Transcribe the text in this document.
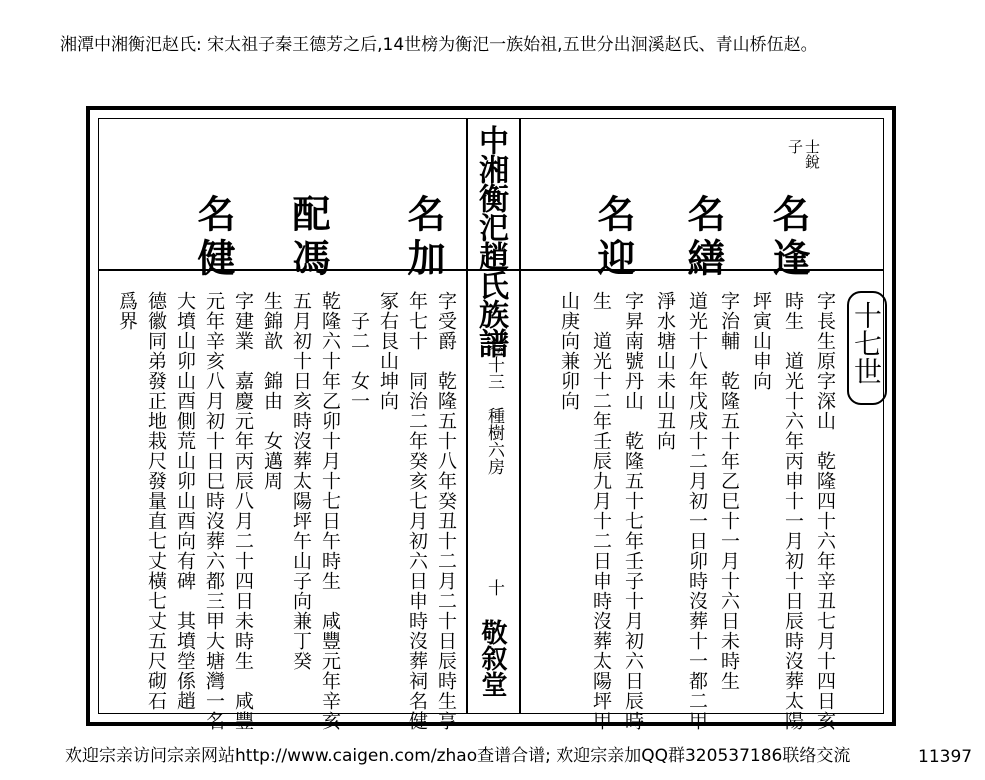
湘潭中湘衡汜赵氏: 宋太祖子秦王德芳之后,14世榜为衡汜一族始祖,五世分出洄溪赵氏、青山桥伍赵。
中湘衡汜趙氏族譜
卷十三　種樹六房
十
敬叙堂
子 士銳
名逢
名繕
名迎
十七世
字長生原字深山　乾隆四十六年辛丑七月十四日亥
時生　道光十六年丙申十一月初十日辰時沒葬太陽
坪寅山申向
字治輔　乾隆五十年乙巳十一月十六日未時生
道光十八年戊戌十二月初一日卯時沒葬十一都二甲
淨水塘山未山丑向
字昇南號丹山　乾隆五十七年壬子十月初六日辰時
生　道光十二年壬辰九月十二日申時沒葬太陽坪甲
山庚向兼卯向
名加
配馮
名健
字受爵　乾隆五十八年癸丑十二月二十日辰時生享
年七十　同治二年癸亥七月初六日申時沒葬祠名健
冢右艮山坤向
子二　女一
乾隆六十年乙卯十月十七日午時生　咸豐元年辛亥
五月初十日亥時沒葬太陽坪午山子向兼丁癸
生錦歆　錦由　女邁周
字建業　嘉慶元年丙辰八月二十四日未時生　咸豐
元年辛亥八月初十日巳時沒葬六都三甲大塘灣一名
大墳山卯山酉側荒山卯山酉向有碑　其墳塋係趙
德徽同弟發正地栽尺發量直七丈橫七丈五尺砌石
爲界
欢迎宗亲访问宗亲网站http://www.caigen.com/zhao查谱合谱; 欢迎宗亲加QQ群320537186联络交流	11397
